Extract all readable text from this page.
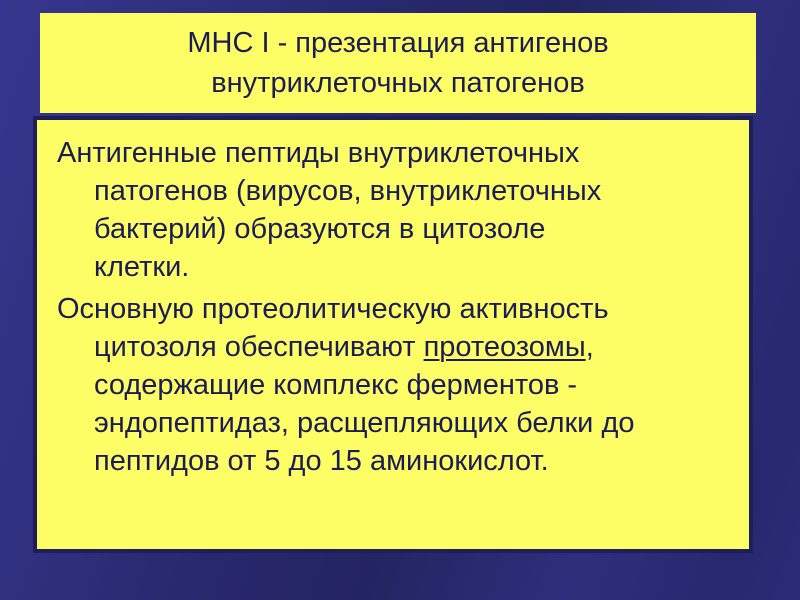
MHC I - презентация антигенов
внутриклеточных патогенов
Антигенные пептиды внутриклеточных
патогенов (вирусов, внутриклеточных
бактерий) образуются в цитозоле
клетки.
Основную протеолитическую активность
цитозоля обеспечивают протеозомы,
содержащие комплекс ферментов -
эндопептидаз, расщепляющих белки до
пептидов от 5 до 15 аминокислот.
